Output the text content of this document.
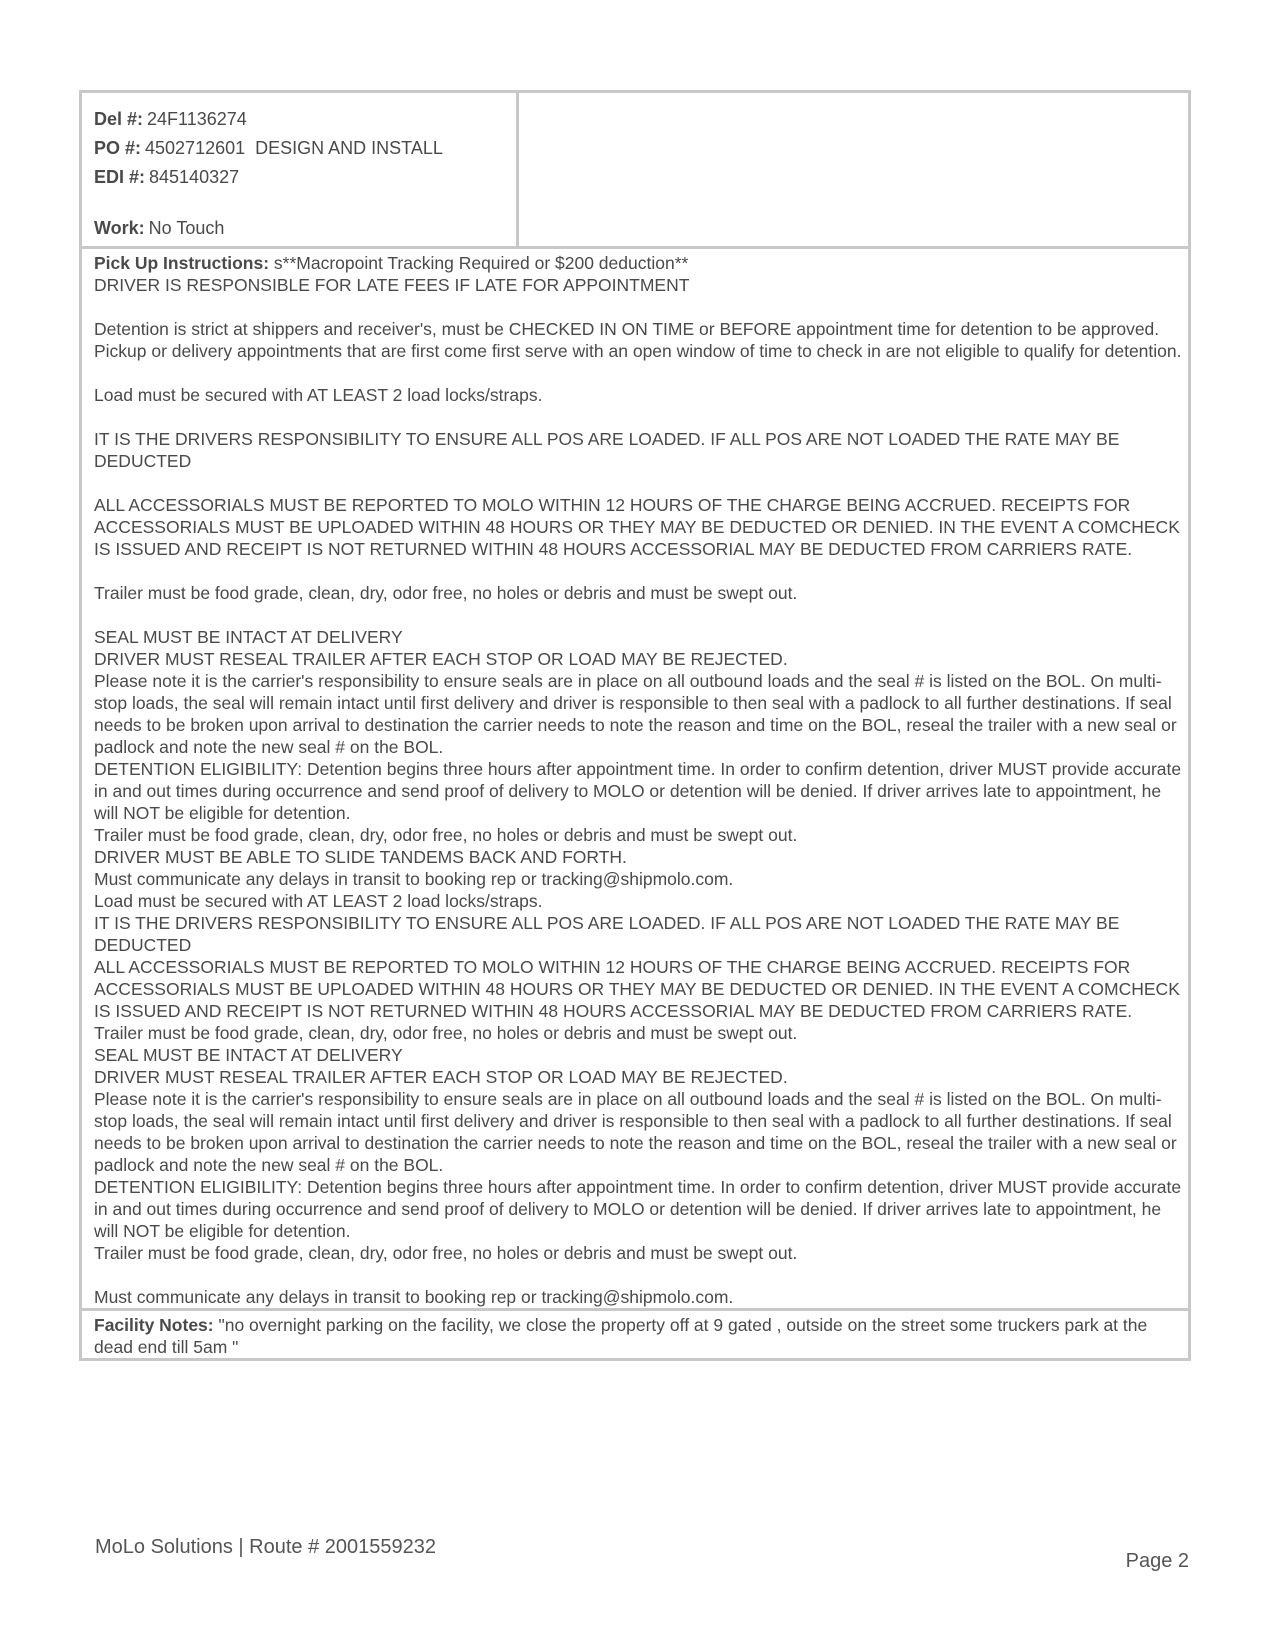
Del #: 24F1136274
PO #: 4502712601  DESIGN AND INSTALL
EDI #: 845140327
Work: No Touch

Pick Up Instructions: s**Macropoint Tracking Required or $200 deduction**

DRIVER IS RESPONSIBLE FOR LATE FEES IF LATE FOR APPOINTMENT

Detention is strict at shippers and receiver's, must be CHECKED IN ON TIME or BEFORE appointment time for detention to be approved.

Pickup or delivery appointments that are first come first serve with an open window of time to check in are not eligible to qualify for detention.

Load must be secured with AT LEAST 2 load locks/straps.

IT IS THE DRIVERS RESPONSIBILITY TO ENSURE ALL POS ARE LOADED. IF ALL POS ARE NOT LOADED THE RATE MAY BE DEDUCTED

ALL ACCESSORIALS MUST BE REPORTED TO MOLO WITHIN 12 HOURS OF THE CHARGE BEING ACCRUED. RECEIPTS FOR ACCESSORIALS MUST BE UPLOADED WITHIN 48 HOURS OR THEY MAY BE DEDUCTED OR DENIED. IN THE EVENT A COMCHECK IS ISSUED AND RECEIPT IS NOT RETURNED WITHIN 48 HOURS ACCESSORIAL MAY BE DEDUCTED FROM CARRIERS RATE.

Trailer must be food grade, clean, dry, odor free, no holes or debris and must be swept out.

SEAL MUST BE INTACT AT DELIVERY

DRIVER MUST RESEAL TRAILER AFTER EACH STOP OR LOAD MAY BE REJECTED.

Please note it is the carrier's responsibility to ensure seals are in place on all outbound loads and the seal # is listed on the BOL. On multi-stop loads, the seal will remain intact until first delivery and driver is responsible to then seal with a padlock to all further destinations. If seal needs to be broken upon arrival to destination the carrier needs to note the reason and time on the BOL, reseal the trailer with a new seal or padlock and note the new seal # on the BOL.

DETENTION ELIGIBILITY: Detention begins three hours after appointment time. In order to confirm detention, driver MUST provide accurate in and out times during occurrence and send proof of delivery to MOLO or detention will be denied. If driver arrives late to appointment, he will NOT be eligible for detention.

Trailer must be food grade, clean, dry, odor free, no holes or debris and must be swept out.

DRIVER MUST BE ABLE TO SLIDE TANDEMS BACK AND FORTH.

Must communicate any delays in transit to booking rep or tracking@shipmolo.com.

Load must be secured with AT LEAST 2 load locks/straps.

IT IS THE DRIVERS RESPONSIBILITY TO ENSURE ALL POS ARE LOADED. IF ALL POS ARE NOT LOADED THE RATE MAY BE DEDUCTED

ALL ACCESSORIALS MUST BE REPORTED TO MOLO WITHIN 12 HOURS OF THE CHARGE BEING ACCRUED. RECEIPTS FOR ACCESSORIALS MUST BE UPLOADED WITHIN 48 HOURS OR THEY MAY BE DEDUCTED OR DENIED. IN THE EVENT A COMCHECK IS ISSUED AND RECEIPT IS NOT RETURNED WITHIN 48 HOURS ACCESSORIAL MAY BE DEDUCTED FROM CARRIERS RATE.

Trailer must be food grade, clean, dry, odor free, no holes or debris and must be swept out.

SEAL MUST BE INTACT AT DELIVERY

DRIVER MUST RESEAL TRAILER AFTER EACH STOP OR LOAD MAY BE REJECTED.

Please note it is the carrier's responsibility to ensure seals are in place on all outbound loads and the seal # is listed on the BOL. On multi-stop loads, the seal will remain intact until first delivery and driver is responsible to then seal with a padlock to all further destinations. If seal needs to be broken upon arrival to destination the carrier needs to note the reason and time on the BOL, reseal the trailer with a new seal or padlock and note the new seal # on the BOL.

DETENTION ELIGIBILITY: Detention begins three hours after appointment time. In order to confirm detention, driver MUST provide accurate in and out times during occurrence and send proof of delivery to MOLO or detention will be denied. If driver arrives late to appointment, he will NOT be eligible for detention.

Trailer must be food grade, clean, dry, odor free, no holes or debris and must be swept out.

Must communicate any delays in transit to booking rep or tracking@shipmolo.com.

Facility Notes: "no overnight parking on the facility, we close the property off at 9 gated , outside on the street some truckers park at the dead end till 5am "
MoLo Solutions | Route # 2001559232
Page 2
